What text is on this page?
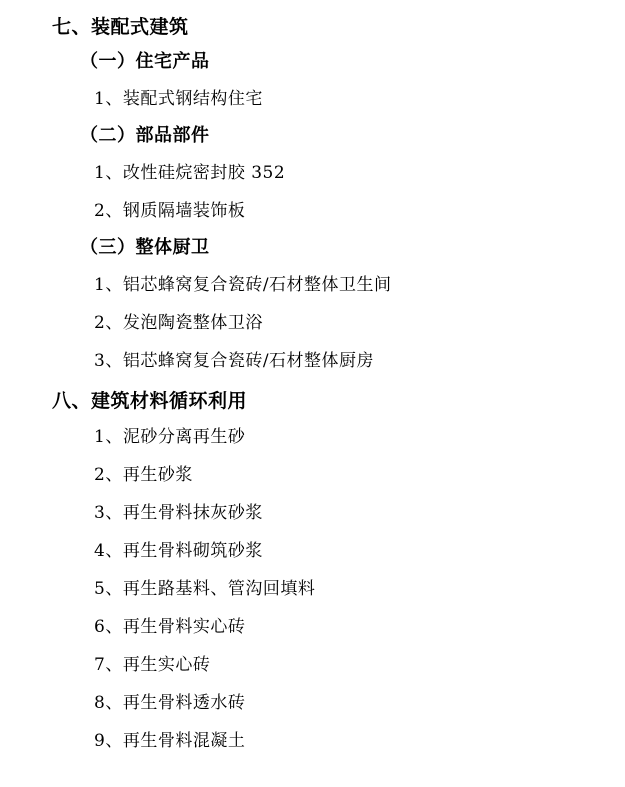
七、装配式建筑
（一）住宅产品
1、装配式钢结构住宅
（二）部品部件
1、改性硅烷密封胶 352
2、钢质隔墙装饰板
（三）整体厨卫
1、铝芯蜂窝复合瓷砖/石材整体卫生间
2、发泡陶瓷整体卫浴
3、铝芯蜂窝复合瓷砖/石材整体厨房
八、建筑材料循环利用
1、泥砂分离再生砂
2、再生砂浆
3、再生骨料抹灰砂浆
4、再生骨料砌筑砂浆
5、再生路基料、管沟回填料
6、再生骨料实心砖
7、再生实心砖
8、再生骨料透水砖
9、再生骨料混凝土
